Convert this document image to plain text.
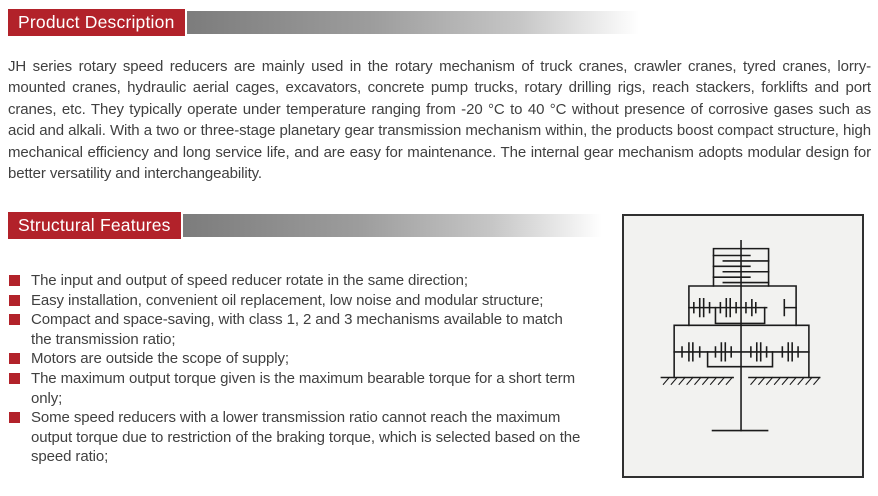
Product Description
JH series rotary speed reducers are mainly used in the rotary mechanism of truck cranes, crawler cranes, tyred cranes, lorry-mounted cranes, hydraulic aerial cages, excavators, concrete pump trucks, rotary drilling rigs, reach stackers, forklifts and port cranes, etc. They typically operate under temperature ranging from -20 °C to 40 °C without presence of corrosive gases such as acid and alkali. With a two or three-stage planetary gear transmission mechanism within, the products boost compact structure, high mechanical efficiency and long service life, and are easy for maintenance. The internal gear mechanism adopts modular design for better versatility and interchangeability.
Structural Features
The input and output of speed reducer rotate in the same direction;
Easy installation, convenient oil replacement, low noise and modular structure;
Compact and space-saving, with class 1, 2 and 3 mechanisms available to match the transmission ratio;
Motors are outside the scope of supply;
The maximum output torque given is the maximum bearable torque for a short term only;
Some speed reducers with a lower transmission ratio cannot reach the maximum output torque due to restriction of the braking torque, which is selected based on the speed ratio;
